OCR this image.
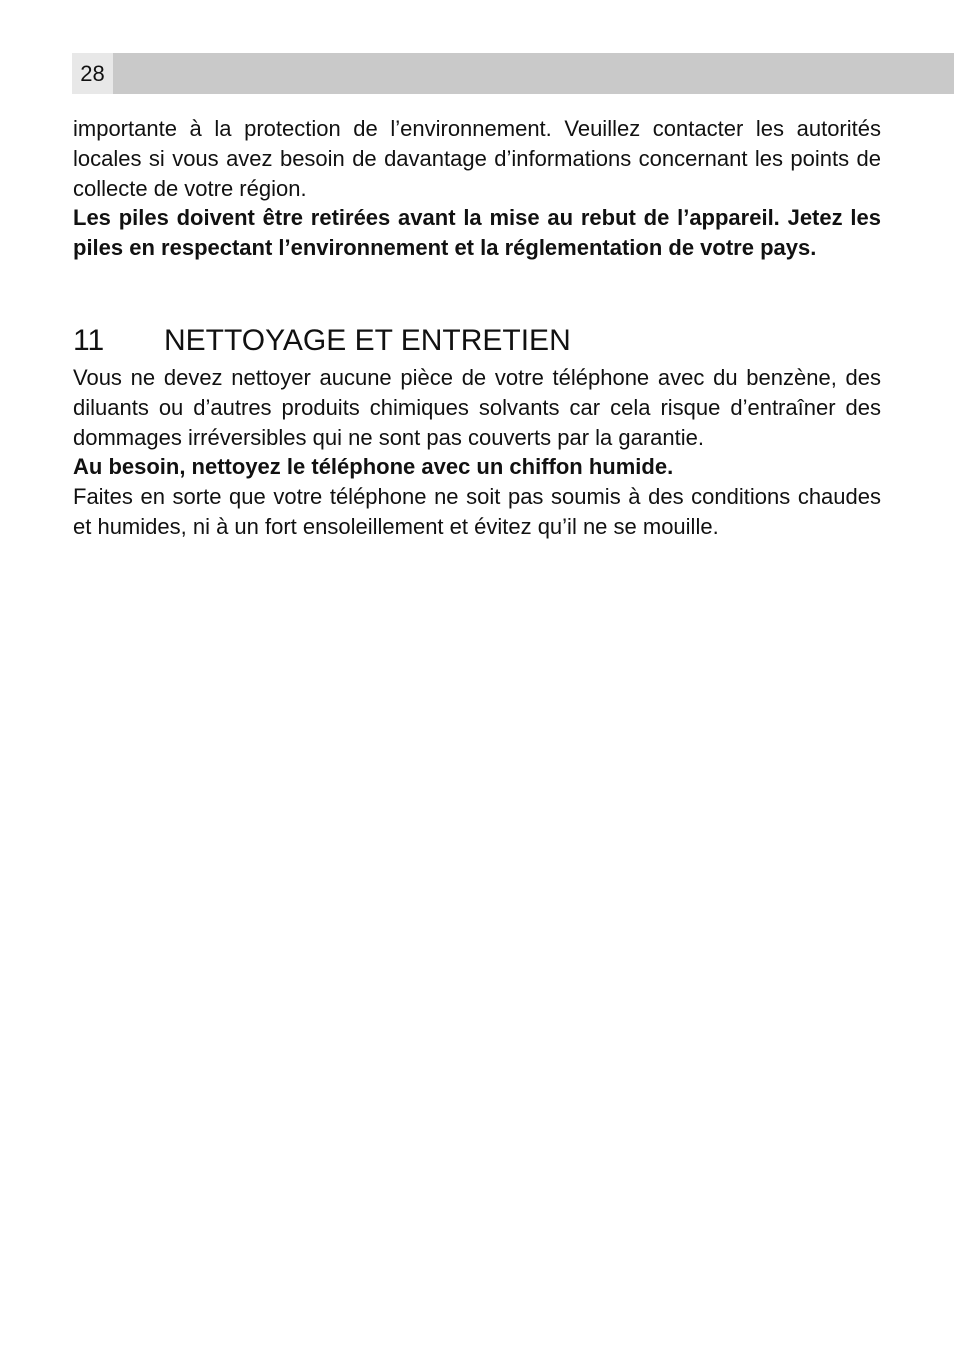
28

importante à la protection de l’environnement. Veuillez contacter les autorités locales si vous avez besoin de davantage d’informations concernant les points de collecte de votre région.

Les piles doivent être retirées avant la mise au rebut de l’appareil. Jetez les piles en respectant l’environnement et la réglementation de votre pays.

11	NETTOYAGE ET ENTRETIEN

Vous ne devez nettoyer aucune pièce de votre téléphone avec du benzène, des diluants ou d’autres produits chimiques solvants car cela risque d’entraîner des dommages irréversibles qui ne sont pas couverts par la garantie.

Au besoin, nettoyez le téléphone avec un chiffon humide.

Faites en sorte que votre téléphone ne soit pas soumis à des conditions chaudes et humides, ni à un fort ensoleillement et évitez qu’il ne se mouille.
